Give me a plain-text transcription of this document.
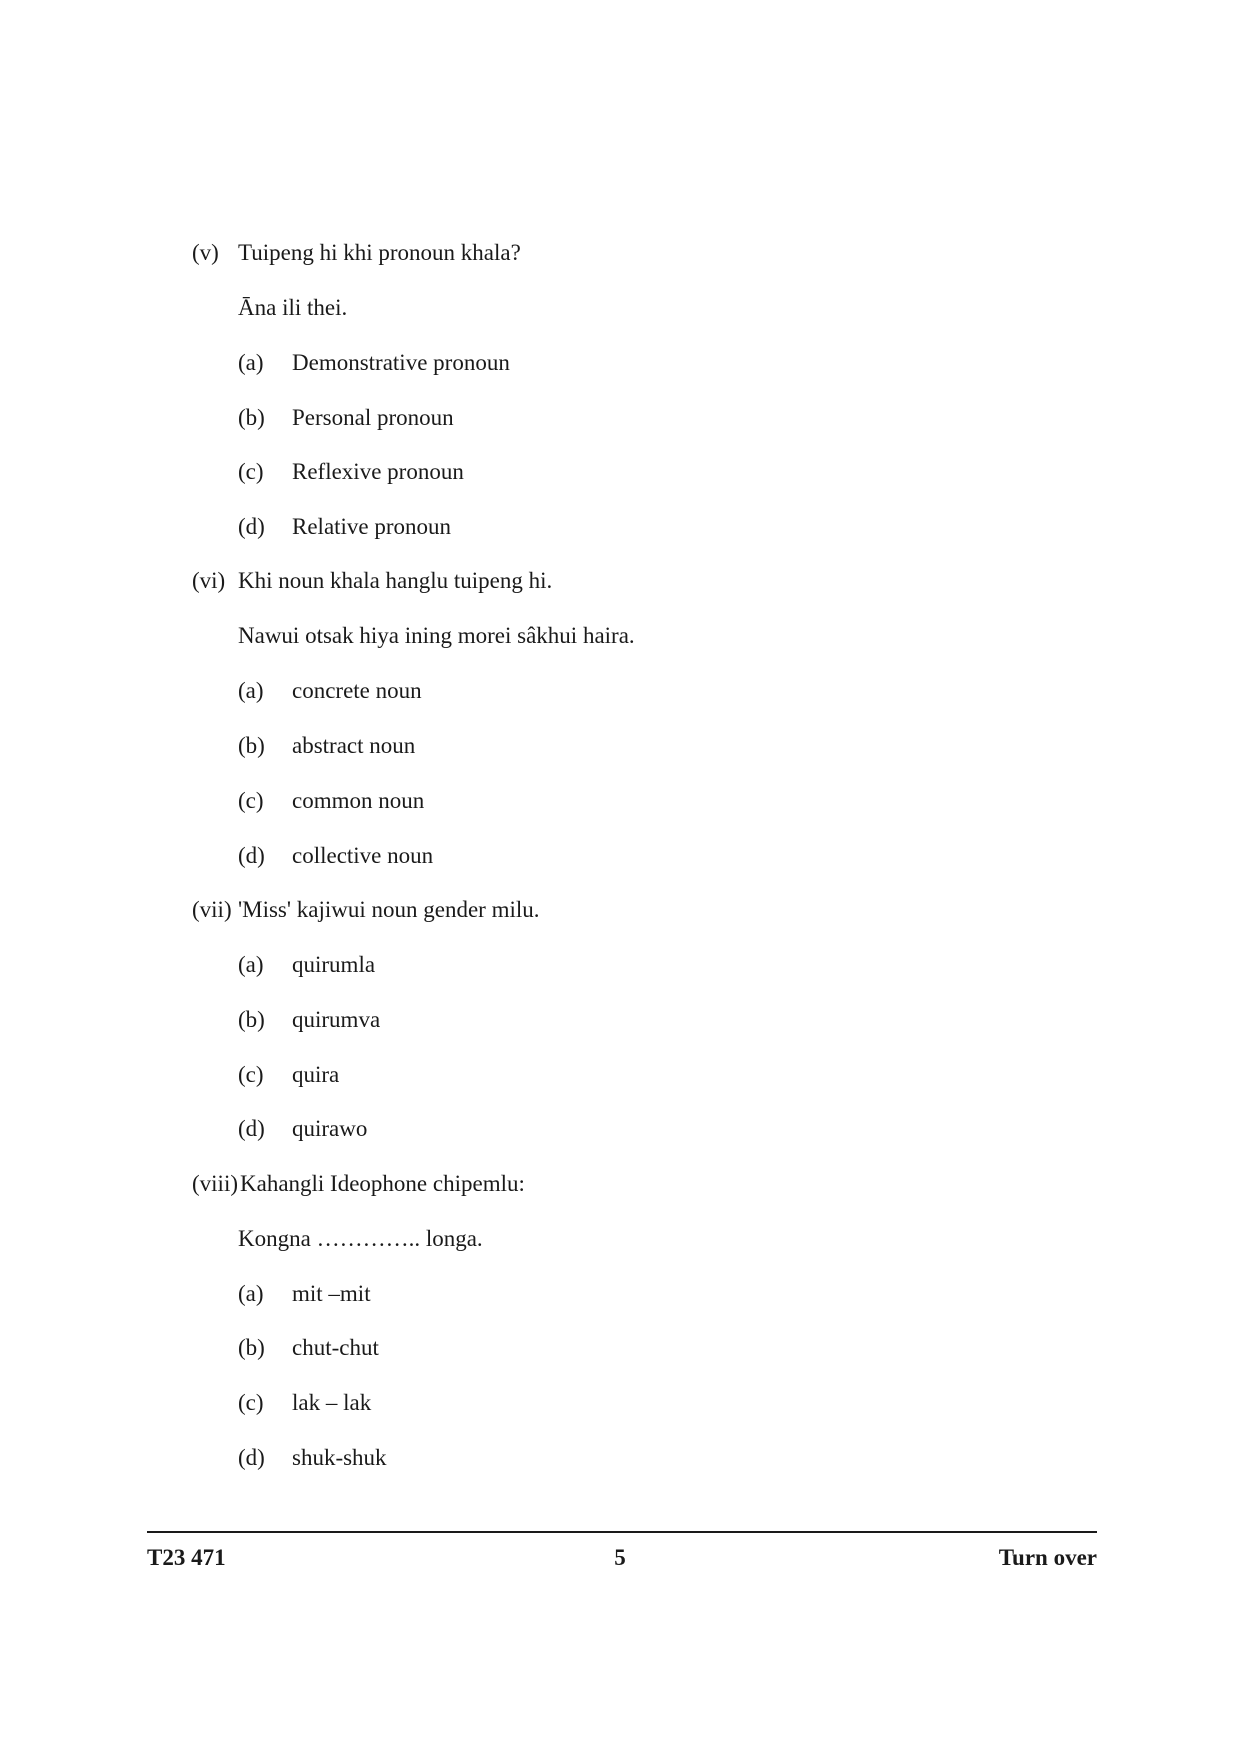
(v) Tuipeng hi khi pronoun khala?
Āna ili thei.
(a) Demonstrative pronoun
(b) Personal pronoun
(c) Reflexive pronoun
(d) Relative pronoun
(vi) Khi noun khala hanglu tuipeng hi.
Nawui otsak hiya ining morei sâkhui haira.
(a) concrete noun
(b) abstract noun
(c) common noun
(d) collective noun
(vii) 'Miss' kajiwui noun gender milu.
(a) quirumla
(b) quirumva
(c) quira
(d) quirawo
(viii) Kahangli Ideophone chipemlu:
Kongna ………….. longa.
(a) mit –mit
(b) chut-chut
(c) lak – lak
(d) shuk-shuk
T23 471	5	Turn over
